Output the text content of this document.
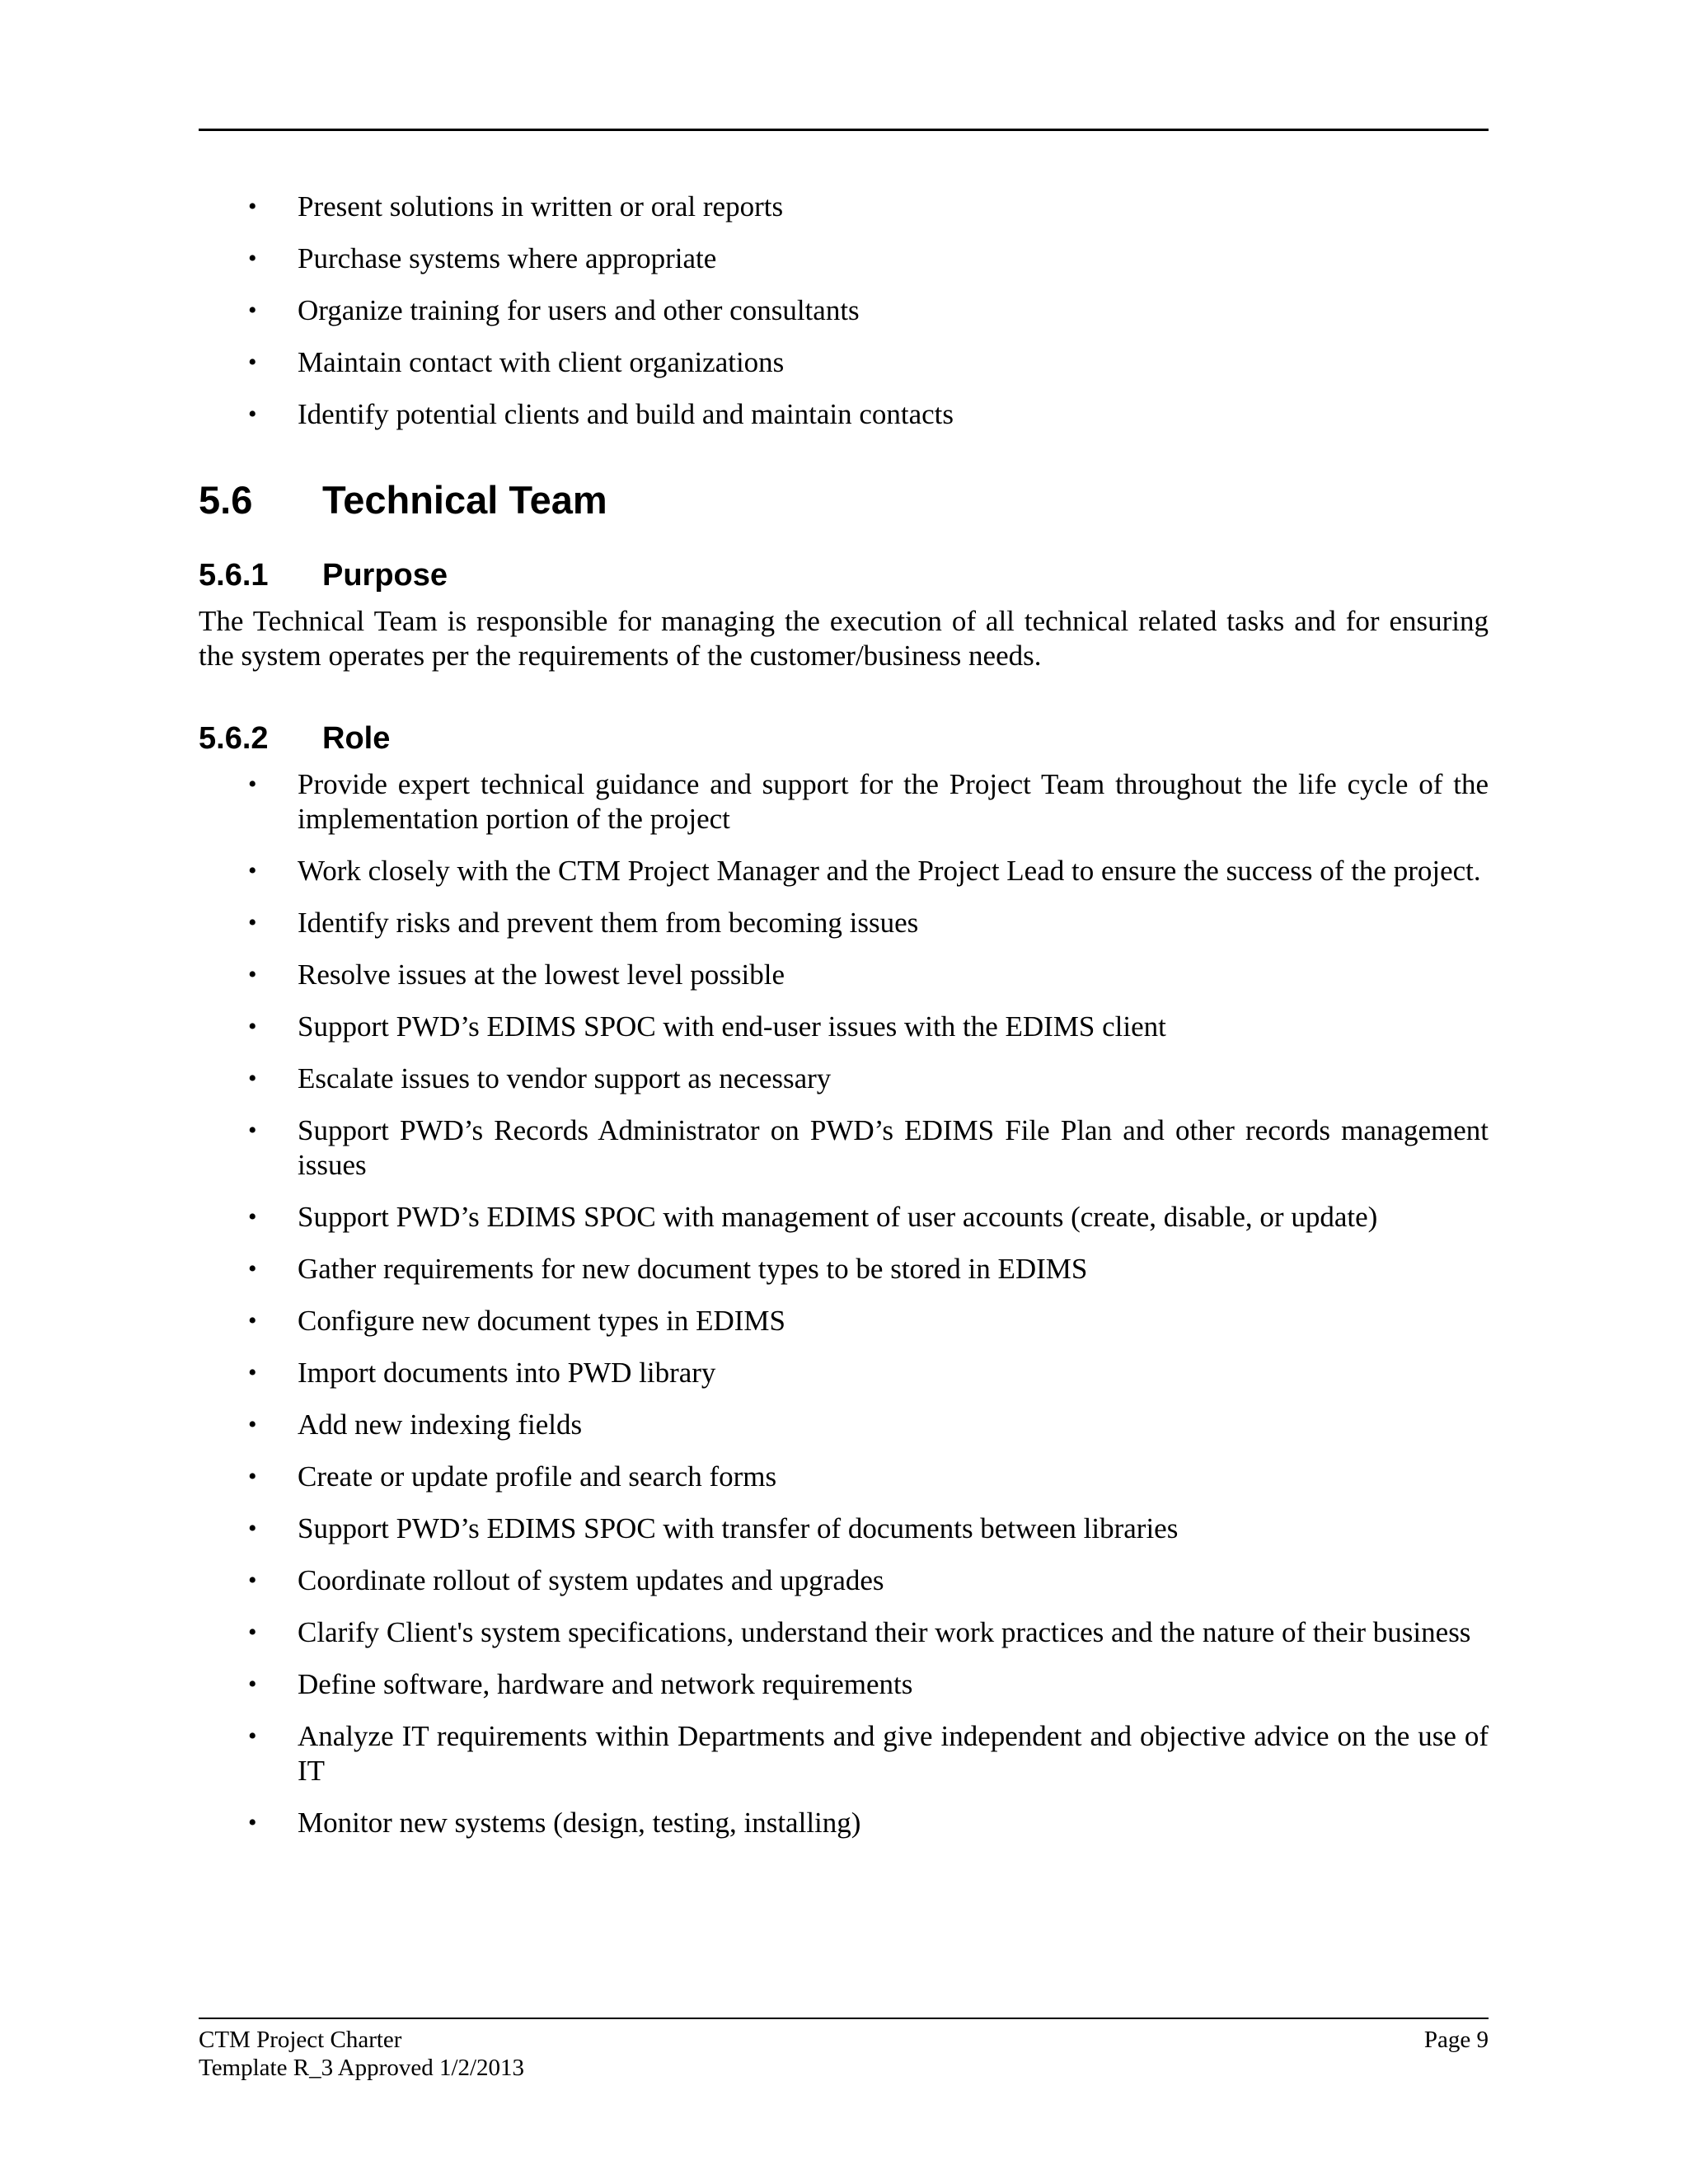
• Present solutions in written or oral reports
• Purchase systems where appropriate
• Organize training for users and other consultants
• Maintain contact with client organizations
• Identify potential clients and build and maintain contacts
5.6 Technical Team
5.6.1 Purpose

The Technical Team is responsible for managing the execution of all technical related tasks and for ensuring the system operates per the requirements of the customer/business needs.

5.6.2 Role
• Provide expert technical guidance and support for the Project Team throughout the life cycle of the implementation portion of the project
• Work closely with the CTM Project Manager and the Project Lead to ensure the success of the project.
• Identify risks and prevent them from becoming issues
• Resolve issues at the lowest level possible
• Support PWD’s EDIMS SPOC with end-user issues with the EDIMS client
• Escalate issues to vendor support as necessary
• Support PWD’s Records Administrator on PWD’s EDIMS File Plan and other records management issues
• Support PWD’s EDIMS SPOC with management of user accounts (create, disable, or update)
• Gather requirements for new document types to be stored in EDIMS
• Configure new document types in EDIMS
• Import documents into PWD library
• Add new indexing fields
• Create or update profile and search forms
• Support PWD’s EDIMS SPOC with transfer of documents between libraries
• Coordinate rollout of system updates and upgrades
• Clarify Client's system specifications, understand their work practices and the nature of their business
• Define software, hardware and network requirements
• Analyze IT requirements within Departments and give independent and objective advice on the use of IT
• Monitor new systems (design, testing, installing)
CTM Project Charter
Template R_3 Approved 1/2/2013
Page 9
